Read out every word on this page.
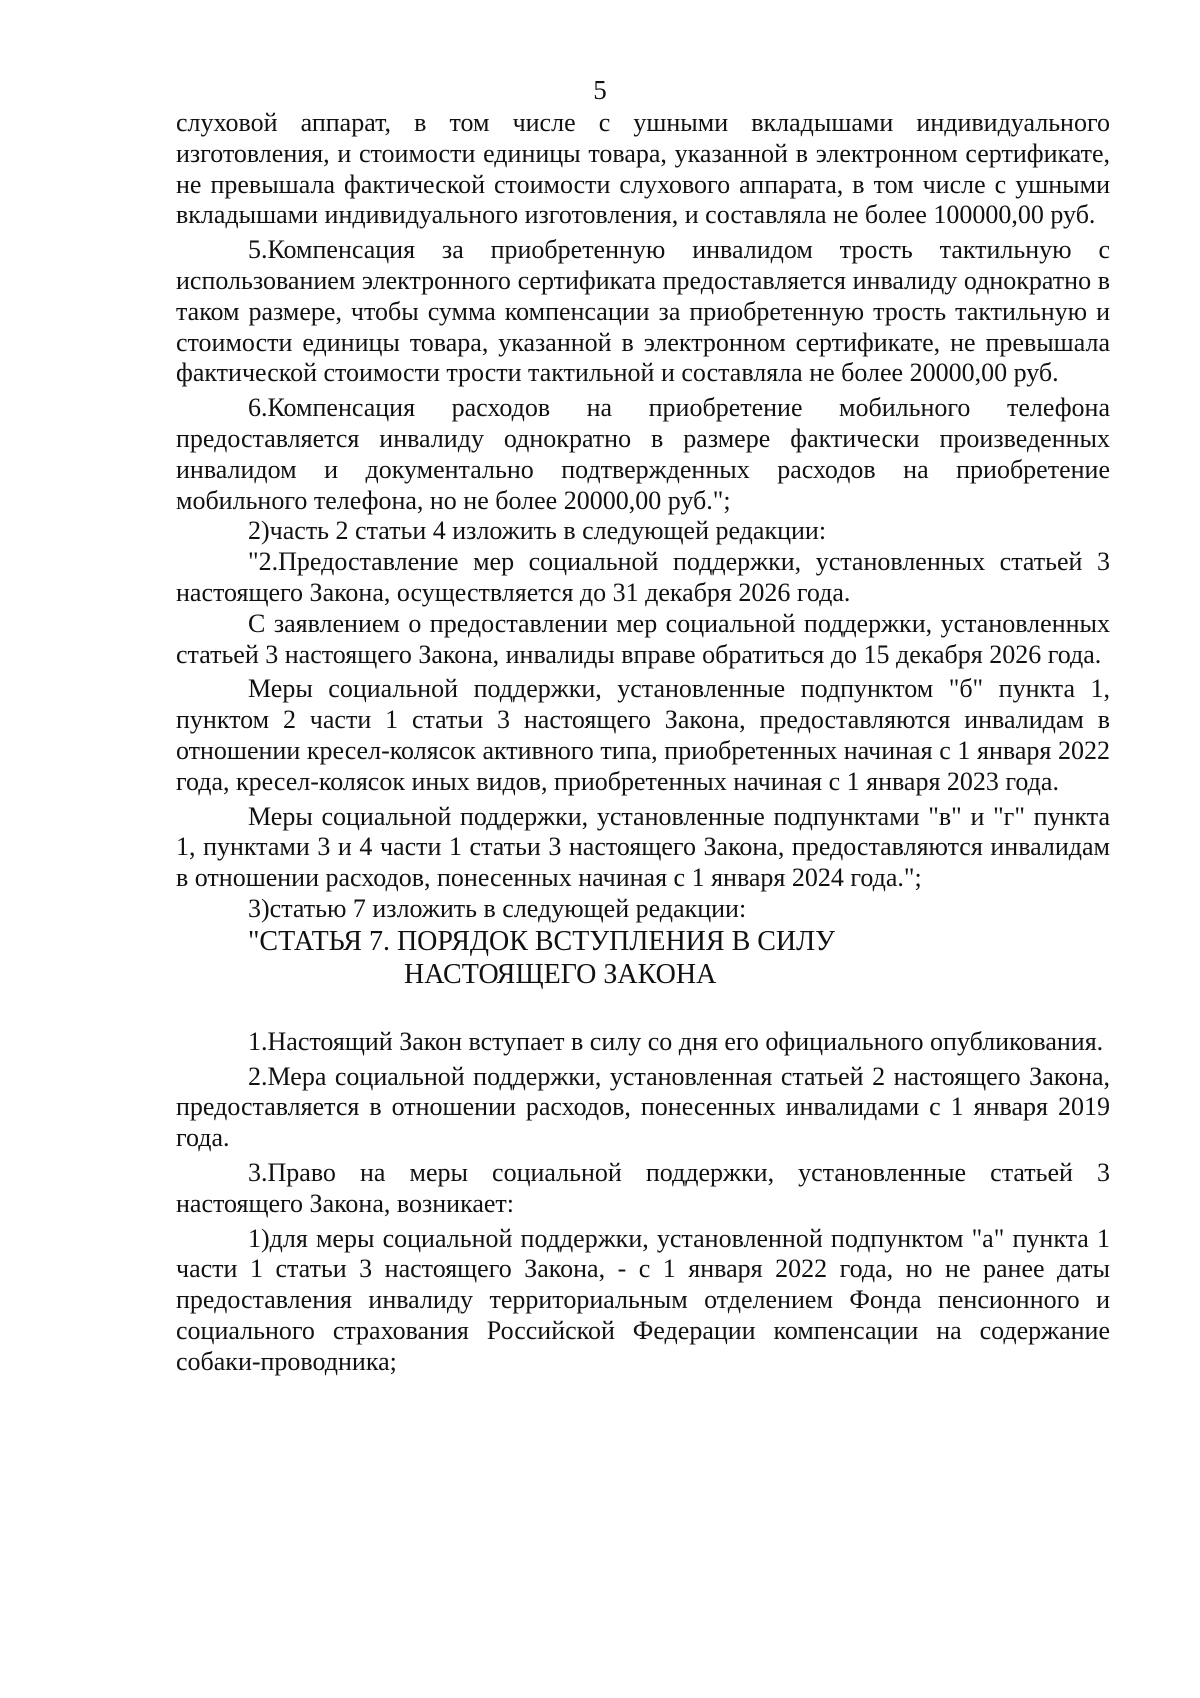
5

слуховой аппарат, в том числе с ушными вкладышами индивидуального изготовления, и стоимости единицы товара, указанной в электронном сертификате, не превышала фактической стоимости слухового аппарата, в том числе с ушными вкладышами индивидуального изготовления, и составляла не более 100000,00 руб.

5.Компенсация за приобретенную инвалидом трость тактильную с использованием электронного сертификата предоставляется инвалиду однократно в таком размере, чтобы сумма компенсации за приобретенную трость тактильную и стоимости единицы товара, указанной в электронном сертификате, не превышала фактической стоимости трости тактильной и составляла не более 20000,00 руб.

6.Компенсация расходов на приобретение мобильного телефона предоставляется инвалиду однократно в размере фактически произведенных инвалидом и документально подтвержденных расходов на приобретение мобильного телефона, но не более 20000,00 руб.";

2)часть 2 статьи 4 изложить в следующей редакции:

"2.Предоставление мер социальной поддержки, установленных статьей 3 настоящего Закона, осуществляется до 31 декабря 2026 года.

С заявлением о предоставлении мер социальной поддержки, установленных статьей 3 настоящего Закона, инвалиды вправе обратиться до 15 декабря 2026 года.

Меры социальной поддержки, установленные подпунктом "б" пункта 1, пунктом 2 части 1 статьи 3 настоящего Закона, предоставляются инвалидам в отношении кресел-колясок активного типа, приобретенных начиная с 1 января 2022 года, кресел-колясок иных видов, приобретенных начиная с 1 января 2023 года.

Меры социальной поддержки, установленные подпунктами "в" и "г" пункта 1, пунктами 3 и 4 части 1 статьи 3 настоящего Закона, предоставляются инвалидам в отношении расходов, понесенных начиная с 1 января 2024 года.";

3)статью 7 изложить в следующей редакции:

"СТАТЬЯ 7. ПОРЯДОК ВСТУПЛЕНИЯ В СИЛУ
НАСТОЯЩЕГО ЗАКОНА

1.Настоящий Закон вступает в силу со дня его официального опубликования.

2.Мера социальной поддержки, установленная статьей 2 настоящего Закона, предоставляется в отношении расходов, понесенных инвалидами с 1 января 2019 года.

3.Право на меры социальной поддержки, установленные статьей 3 настоящего Закона, возникает:

1)для меры социальной поддержки, установленной подпунктом "а" пункта 1 части 1 статьи 3 настоящего Закона, - с 1 января 2022 года, но не ранее даты предоставления инвалиду территориальным отделением Фонда пенсионного и социального страхования Российской Федерации компенсации на содержание собаки-проводника;
